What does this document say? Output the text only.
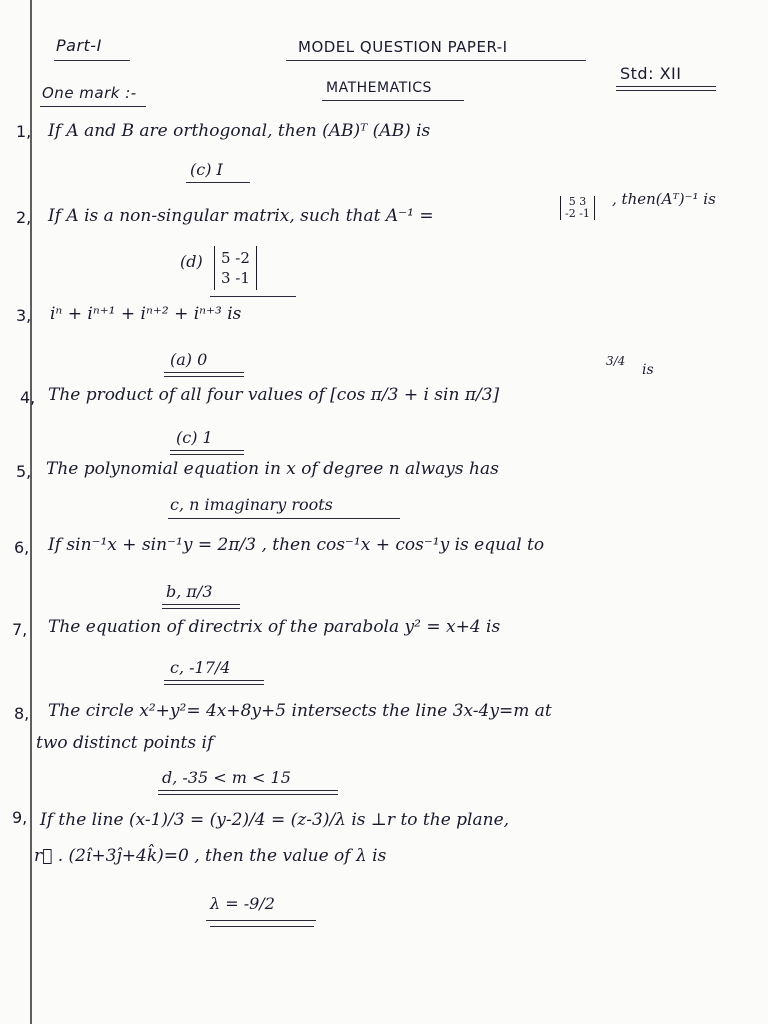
Part-I	MODEL QUESTION PAPER-I
Std: XII
One mark :-	MATHEMATICS
1, If A and B are orthogonal, then (AB)ᵀ (AB) is
(c) I
2, If A is a non-singular matrix, such that A⁻¹ =
5 3
-2 -1
, then(Aᵀ)⁻¹ is
(d) 5 -2
3 -1
3, iⁿ + iⁿ⁺¹ + iⁿ⁺² + iⁿ⁺³ is
(a) 0
4, The product of all four values of [cos π/3 + i sin π/3]
3/4
is
(c) 1
5, The polynomial equation in x of degree n always has
c, n imaginary roots
6, If sin⁻¹x + sin⁻¹y = 2π/3 , then cos⁻¹x + cos⁻¹y is equal to
b, π/3
7, The equation of directrix of the parabola y² = x+4 is
c, -17/4
8, The circle x²+y²= 4x+8y+5 intersects the line 3x-4y=m at
two distinct points if
d, -35 < m < 15
9, If the line (x-1)/3 = (y-2)/4 = (z-3)/λ is ⊥r to the plane,
r⃗ . (2î+3ĵ+4k̂)=0 , then the value of λ is
λ = -9/2
